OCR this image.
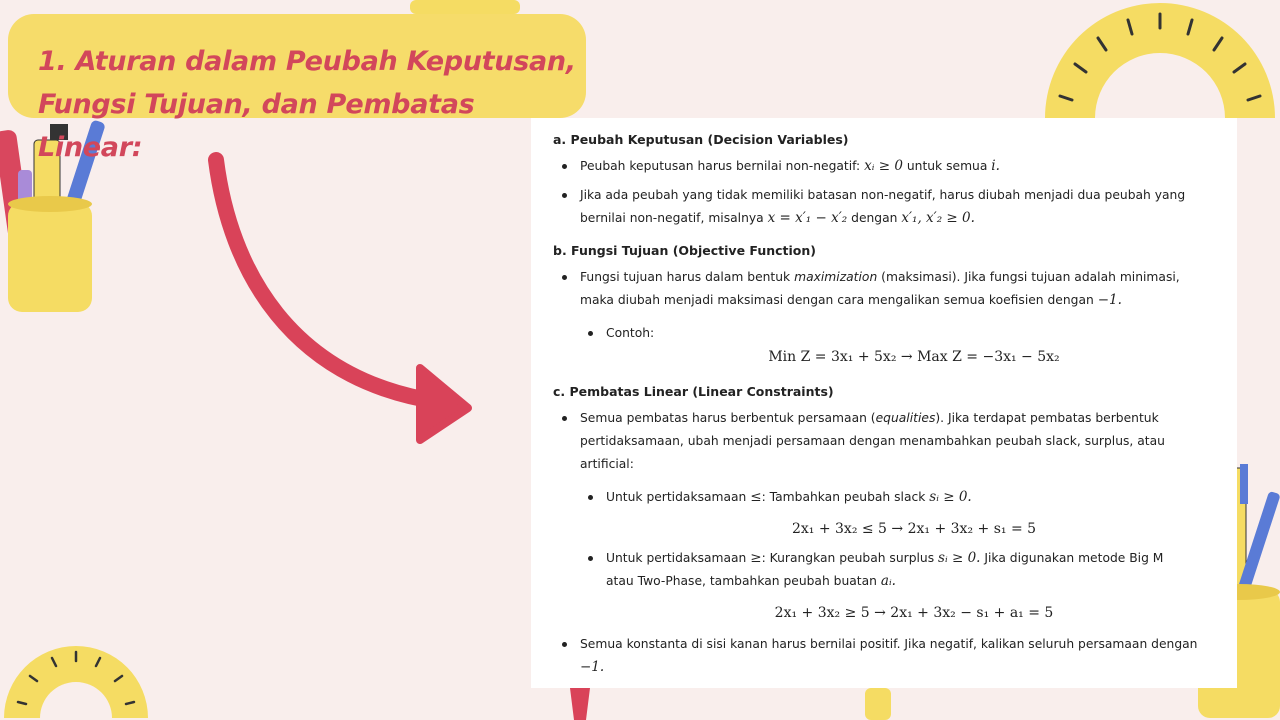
1. Aturan dalam Peubah Keputusan,
Fungsi Tujuan, dan Pembatas Linear:	a. Peubah Keputusan (Decision Variables)
Peubah keputusan harus bernilai non-negatif: xᵢ ≥ 0 untuk semua i.
Jika ada peubah yang tidak memiliki batasan non-negatif, harus diubah menjadi dua peubah yang
bernilai non-negatif, misalnya x = x′₁ − x′₂ dengan x′₁, x′₂ ≥ 0.
b. Fungsi Tujuan (Objective Function)
Fungsi tujuan harus dalam bentuk maximization (maksimasi). Jika fungsi tujuan adalah minimasi,
maka diubah menjadi maksimasi dengan cara mengalikan semua koefisien dengan −1.
Contoh:
Min Z = 3x₁ + 5x₂ → Max Z = −3x₁ − 5x₂
c. Pembatas Linear (Linear Constraints)
Semua pembatas harus berbentuk persamaan (equalities). Jika terdapat pembatas berbentuk
pertidaksamaan, ubah menjadi persamaan dengan menambahkan peubah slack, surplus, atau
artificial:
Untuk pertidaksamaan ≤: Tambahkan peubah slack sᵢ ≥ 0.
2x₁ + 3x₂ ≤ 5 → 2x₁ + 3x₂ + s₁ = 5
Untuk pertidaksamaan ≥: Kurangkan peubah surplus sᵢ ≥ 0. Jika digunakan metode Big M
atau Two-Phase, tambahkan peubah buatan aᵢ.
2x₁ + 3x₂ ≥ 5 → 2x₁ + 3x₂ − s₁ + a₁ = 5
Semua konstanta di sisi kanan harus bernilai positif. Jika negatif, kalikan seluruh persamaan dengan
−1.
